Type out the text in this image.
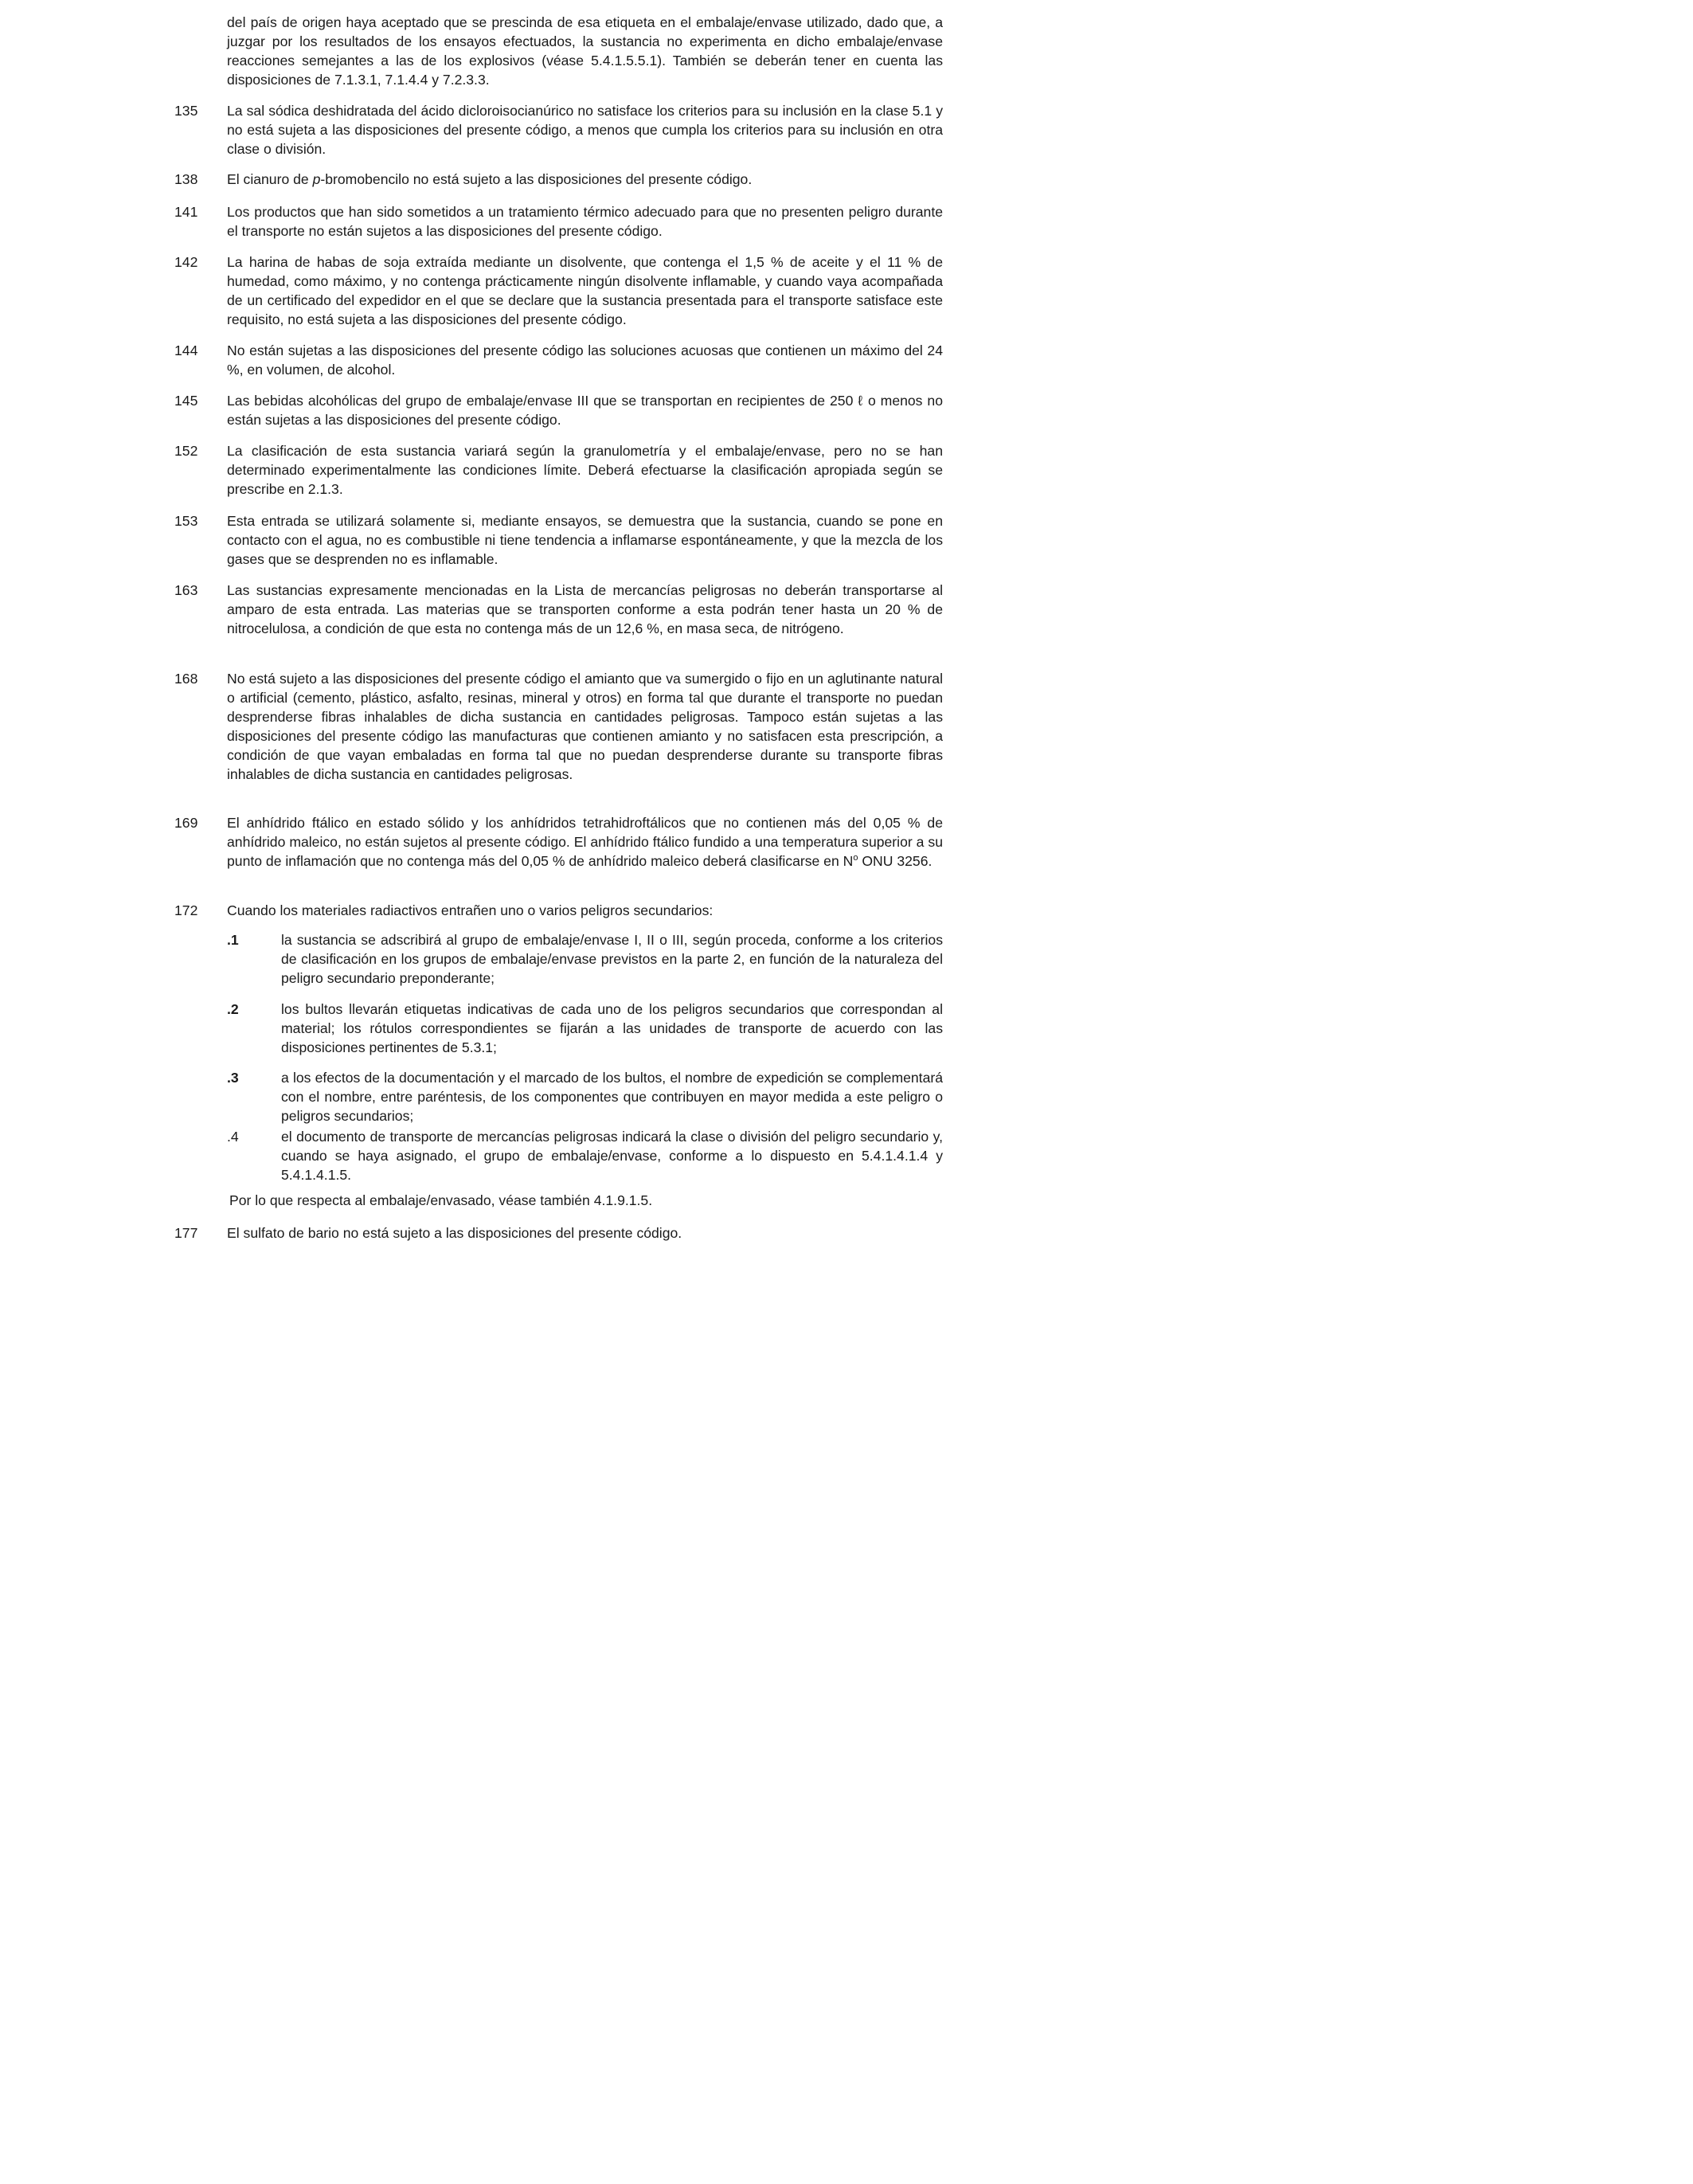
del país de origen haya aceptado que se prescinda de esa etiqueta en el embalaje/envase utilizado, dado que, a juzgar por los resultados de los ensayos efectuados, la sustancia no experimenta en dicho embalaje/envase reacciones semejantes a las de los explosivos (véase 5.4.1.5.5.1). También se deberán tener en cuenta las disposiciones de 7.1.3.1, 7.1.4.4 y 7.2.3.3.
135 La sal sódica deshidratada del ácido dicloroisocianúrico no satisface los criterios para su inclusión en la clase 5.1 y no está sujeta a las disposiciones del presente código, a menos que cumpla los criterios para su inclusión en otra clase o división.
138 El cianuro de p-bromobencilo no está sujeto a las disposiciones del presente código.
141 Los productos que han sido sometidos a un tratamiento térmico adecuado para que no presenten peligro durante el transporte no están sujetos a las disposiciones del presente código.
142 La harina de habas de soja extraída mediante un disolvente, que contenga el 1,5 % de aceite y el 11 % de humedad, como máximo, y no contenga prácticamente ningún disolvente inflamable, y cuando vaya acompañada de un certificado del expedidor en el que se declare que la sustancia presentada para el transporte satisface este requisito, no está sujeta a las disposiciones del presente código.
144 No están sujetas a las disposiciones del presente código las soluciones acuosas que contienen un máximo del 24 %, en volumen, de alcohol.
145 Las bebidas alcohólicas del grupo de embalaje/envase III que se transportan en recipientes de 250 ℓ o menos no están sujetas a las disposiciones del presente código.
152 La clasificación de esta sustancia variará según la granulometría y el embalaje/envase, pero no se han determinado experimentalmente las condiciones límite. Deberá efectuarse la clasificación apropiada según se prescribe en 2.1.3.
153 Esta entrada se utilizará solamente si, mediante ensayos, se demuestra que la sustancia, cuando se pone en contacto con el agua, no es combustible ni tiene tendencia a inflamarse espontáneamente, y que la mezcla de los gases que se desprenden no es inflamable.
163 Las sustancias expresamente mencionadas en la Lista de mercancías peligrosas no deberán transportarse al amparo de esta entrada. Las materias que se transporten conforme a esta podrán tener hasta un 20 % de nitrocelulosa, a condición de que esta no contenga más de un 12,6 %, en masa seca, de nitrógeno.
168 No está sujeto a las disposiciones del presente código el amianto que va sumergido o fijo en un aglutinante natural o artificial (cemento, plástico, asfalto, resinas, mineral y otros) en forma tal que durante el transporte no puedan desprenderse fibras inhalables de dicha sustancia en cantidades peligrosas. Tampoco están sujetas a las disposiciones del presente código las manufacturas que contienen amianto y no satisfacen esta prescripción, a condición de que vayan embaladas en forma tal que no puedan desprenderse durante su transporte fibras inhalables de dicha sustancia en cantidades peligrosas.
169 El anhídrido ftálico en estado sólido y los anhídridos tetrahidroftálicos que no contienen más del 0,05 % de anhídrido maleico, no están sujetos al presente código. El anhídrido ftálico fundido a una temperatura superior a su punto de inflamación que no contenga más del 0,05 % de anhídrido maleico deberá clasificarse en $N^o$ ONU 3256.
172 Cuando los materiales radiactivos entrañen uno o varios peligros secundarios:
.1	la sustancia se adscribirá al grupo de embalaje/envase I, II o III, según proceda, conforme a los criterios de clasificación en los grupos de embalaje/envase previstos en la parte 2, en función de la naturaleza del peligro secundario preponderante;
.2	los bultos llevarán etiquetas indicativas de cada uno de los peligros secundarios que correspondan al material; los rótulos correspondientes se fijarán a las unidades de transporte de acuerdo con las disposiciones pertinentes de 5.3.1;
.3	a los efectos de la documentación y el marcado de los bultos, el nombre de expedición se complementará con el nombre, entre paréntesis, de los componentes que contribuyen en mayor medida a este peligro o peligros secundarios;
.4	el documento de transporte de mercancías peligrosas indicará la clase o división del peligro secundario y, cuando se haya asignado, el grupo de embalaje/envase, conforme a lo dispuesto en 5.4.1.4.1.4 y 5.4.1.4.1.5.
Por lo que respecta al embalaje/envasado, véase también 4.1.9.1.5.
177 El sulfato de bario no está sujeto a las disposiciones del presente código.
